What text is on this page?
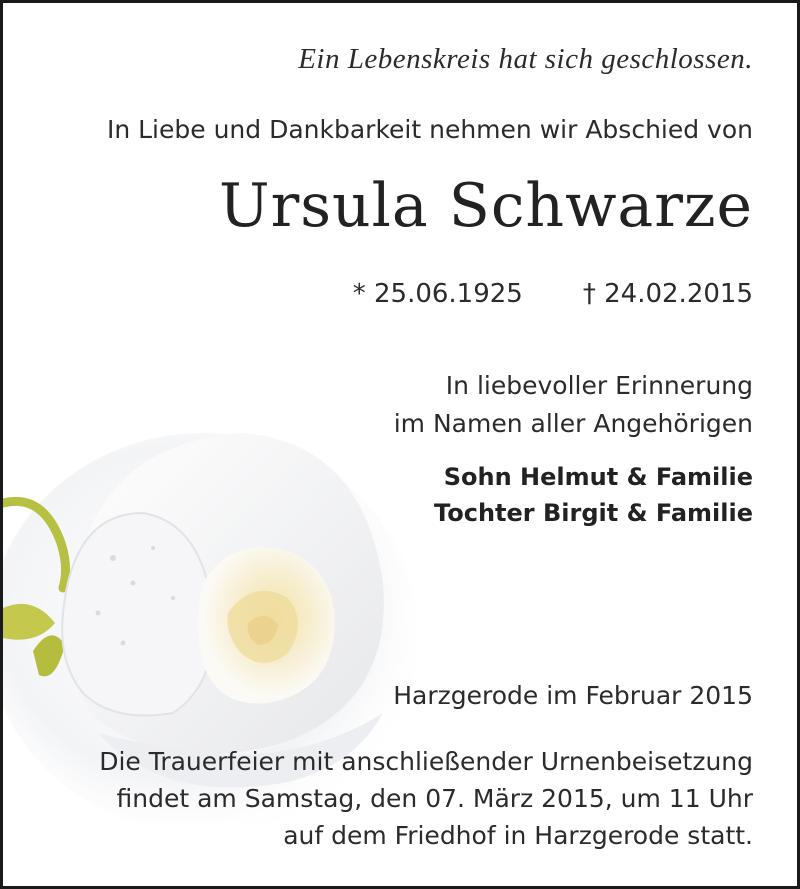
Ein Lebenskreis hat sich geschlossen.
In Liebe und Dankbarkeit nehmen wir Abschied von
Ursula Schwarze
* 25.06.1925 † 24.02.2015
In liebevoller Erinnerung
im Namen aller Angehörigen
Sohn Helmut & Familie
Tochter Birgit & Familie
Harzgerode im Februar 2015
Die Trauerfeier mit anschließender Urnenbeisetzung
findet am Samstag, den 07. März 2015, um 11 Uhr
auf dem Friedhof in Harzgerode statt.
